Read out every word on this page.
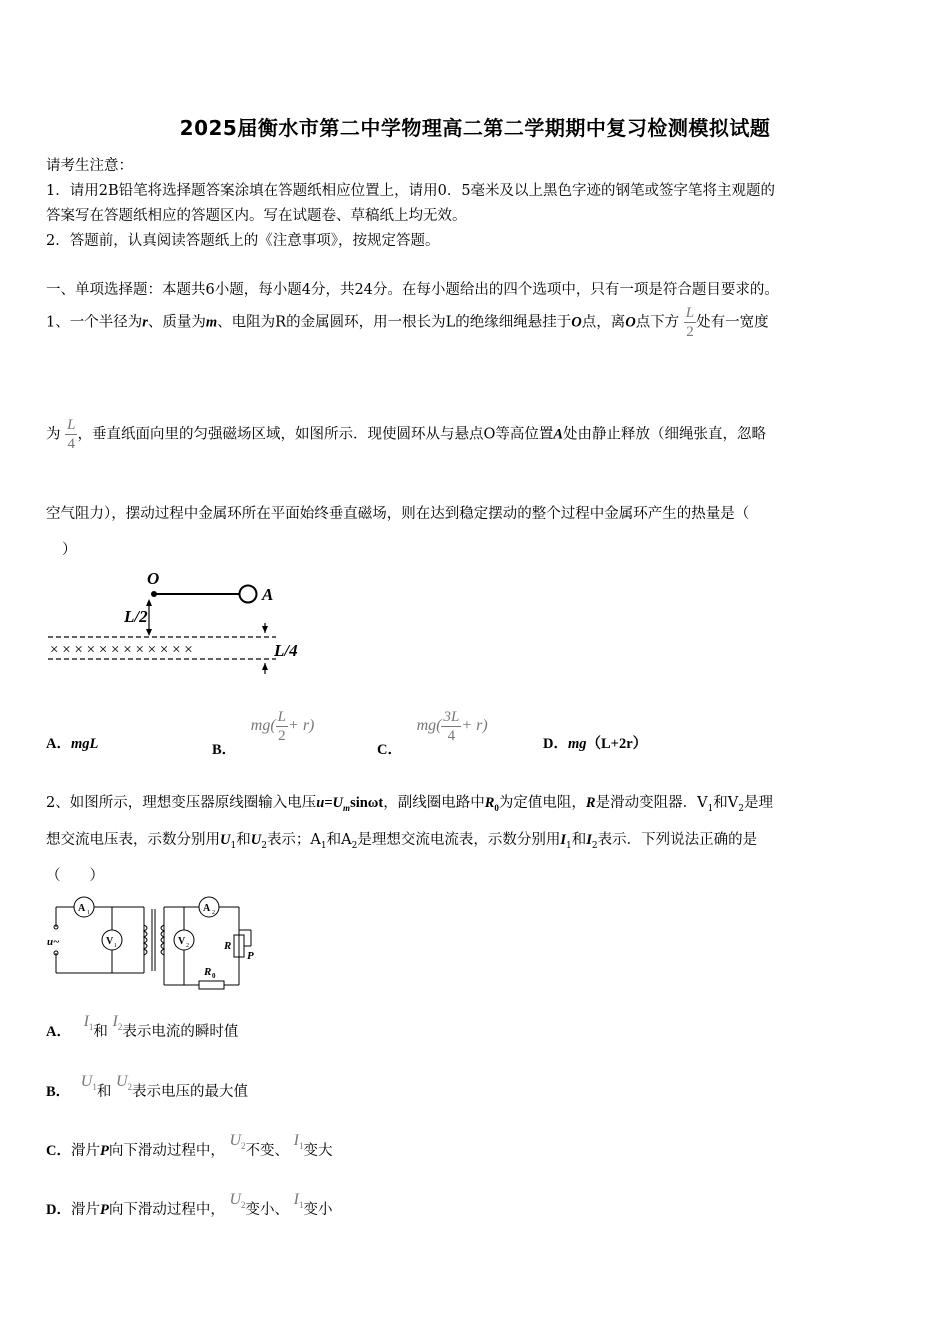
2025届衡水市第二中学物理高二第二学期期中复习检测模拟试题
请考生注意：
1．请用2B铅笔将选择题答案涂填在答题纸相应位置上，请用0．5毫米及以上黑色字迹的钢笔或签字笔将主观题的
答案写在答题纸相应的答题区内。写在试题卷、草稿纸上均无效。
2．答题前，认真阅读答题纸上的《注意事项》，按规定答题。
一、单项选择题：本题共6小题，每小题4分，共24分。在每小题给出的四个选项中，只有一项是符合题目要求的。
1、一个半径为r、质量为m、电阻为R的金属圆环，用一根长为L的绝缘细绳悬挂于O点，离O点下方 $\frac{L}{2}$ 处有一宽度
为 $\frac{L}{4}$ ，垂直纸面向里的匀强磁场区域，如图所示．现使圆环从与悬点O等高位置A处由静止释放（细绳张直，忽略
空气阻力），摆动过程中金属环所在平面始终垂直磁场，则在达到稳定摆动的整个过程中金属环产生的热量是（
）
O
A
L/2
× × × × × × × × × × × ×	L/4
A．mgL	B． $mg( \frac{L}{2} + r)$
C． $mg( \frac{3L}{4} + r)$
D．mg（L+2r）
2、如图所示，理想变压器原线圈输入电压$u=U_m\sin\omega t$，副线圈电路中$R_0$为定值电阻，R是滑动变阻器．$V_1$和$V_2$是理
想交流电压表，示数分别用$U_1$和$U_2$表示；$A_1$和$A_2$是理想交流电流表，示数分别用$I_1$和$I_2$表示．下列说法正确的是
（　　）
A 1
V 1
A 2
V 2
u~	R
P
R 0
A． $I_1$和 $I_2$表示电流的瞬时值
B． $U_1$和 $U_2$表示电压的最大值
C．滑片P向下滑动过程中， $U_2$不变、 $I_1$变大
D．滑片P向下滑动过程中， $U_2$变小、 $I_1$变小
